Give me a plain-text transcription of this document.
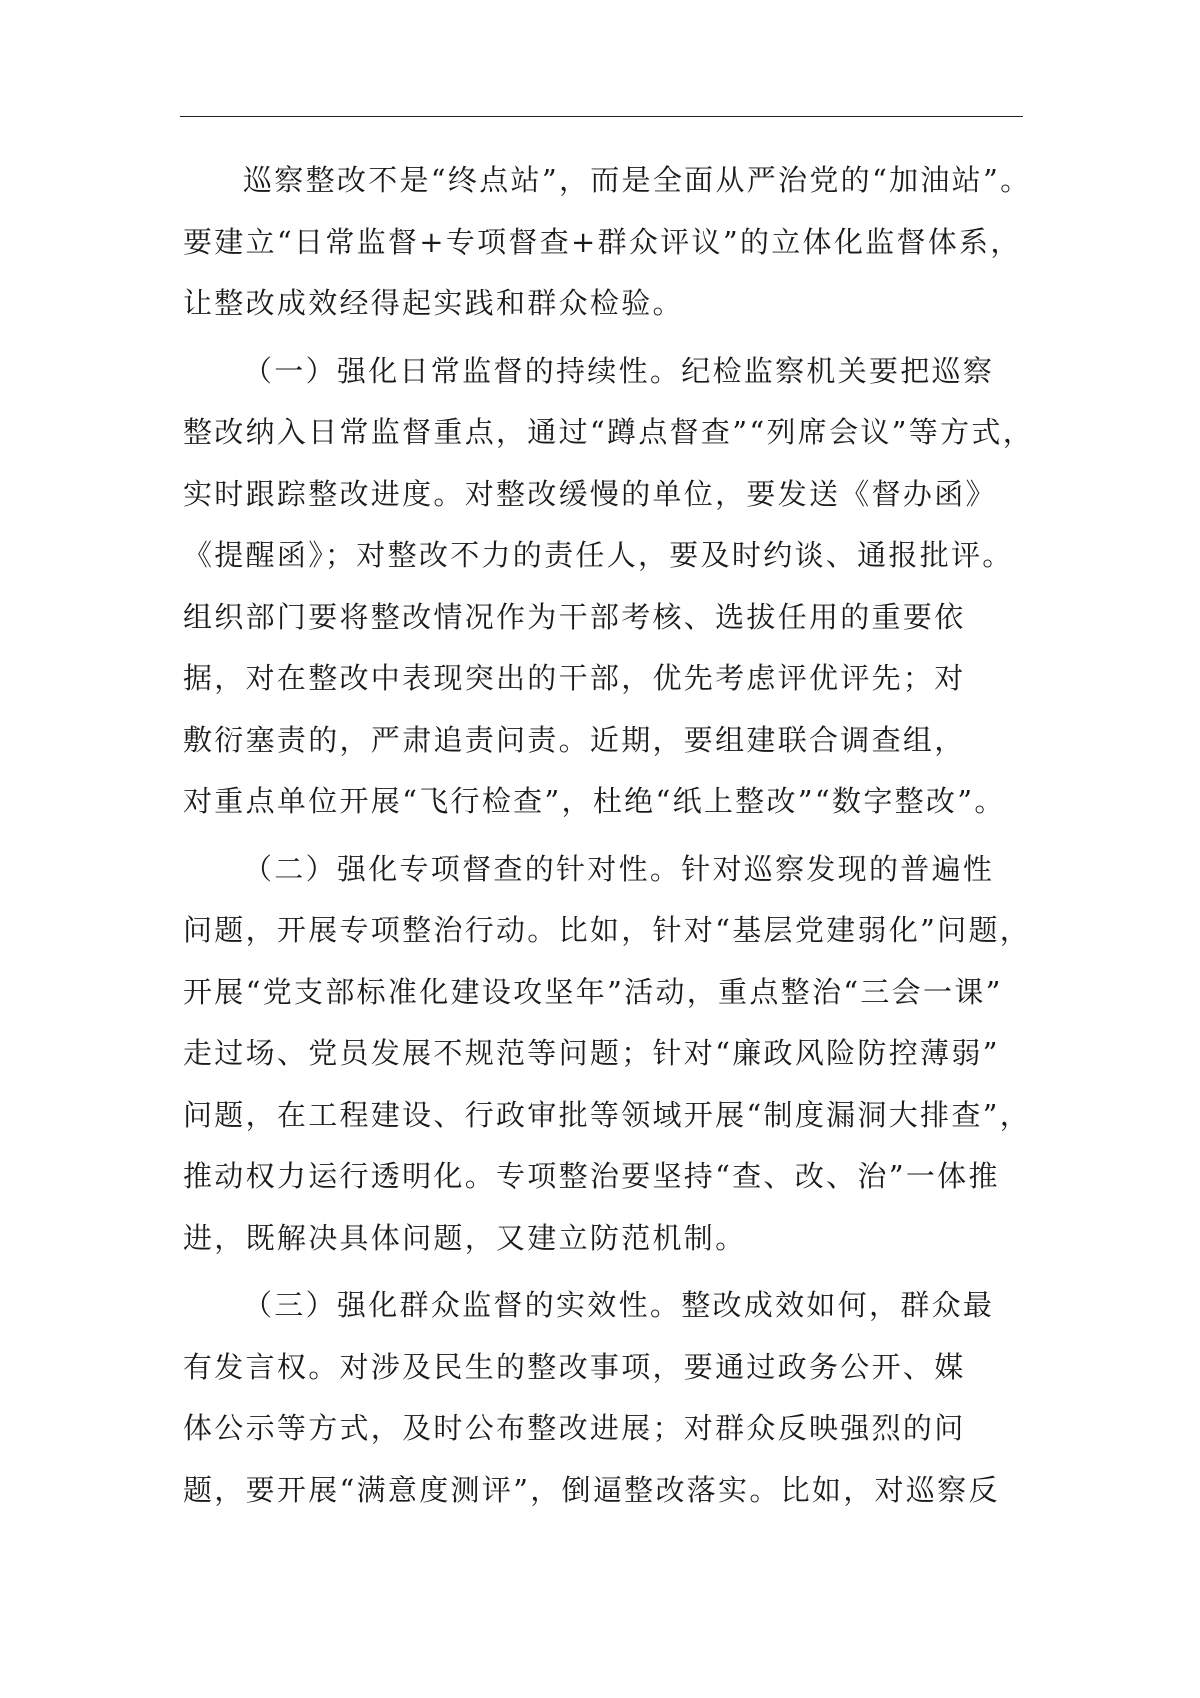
巡察整改不是“终点站”，而是全面从严治党的“加油站”。
要建立“日常监督+专项督查+群众评议”的立体化监督体系，
让整改成效经得起实践和群众检验。
（一）强化日常监督的持续性。纪检监察机关要把巡察
整改纳入日常监督重点，通过“蹲点督查”“列席会议”等方式，
实时跟踪整改进度。对整改缓慢的单位，要发送《督办函》
《提醒函》；对整改不力的责任人，要及时约谈、通报批评。
组织部门要将整改情况作为干部考核、选拔任用的重要依
据，对在整改中表现突出的干部，优先考虑评优评先；对
敷衍塞责的，严肃追责问责。近期，要组建联合调查组，
对重点单位开展“飞行检查”，杜绝“纸上整改”“数字整改”。
（二）强化专项督查的针对性。针对巡察发现的普遍性
问题，开展专项整治行动。比如，针对“基层党建弱化”问题，
开展“党支部标准化建设攻坚年”活动，重点整治“三会一课”
走过场、党员发展不规范等问题；针对“廉政风险防控薄弱”
问题，在工程建设、行政审批等领域开展“制度漏洞大排查”，
推动权力运行透明化。专项整治要坚持“查、改、治”一体推
进，既解决具体问题，又建立防范机制。
（三）强化群众监督的实效性。整改成效如何，群众最
有发言权。对涉及民生的整改事项，要通过政务公开、媒
体公示等方式，及时公布整改进展；对群众反映强烈的问
题，要开展“满意度测评”，倒逼整改落实。比如，对巡察反
